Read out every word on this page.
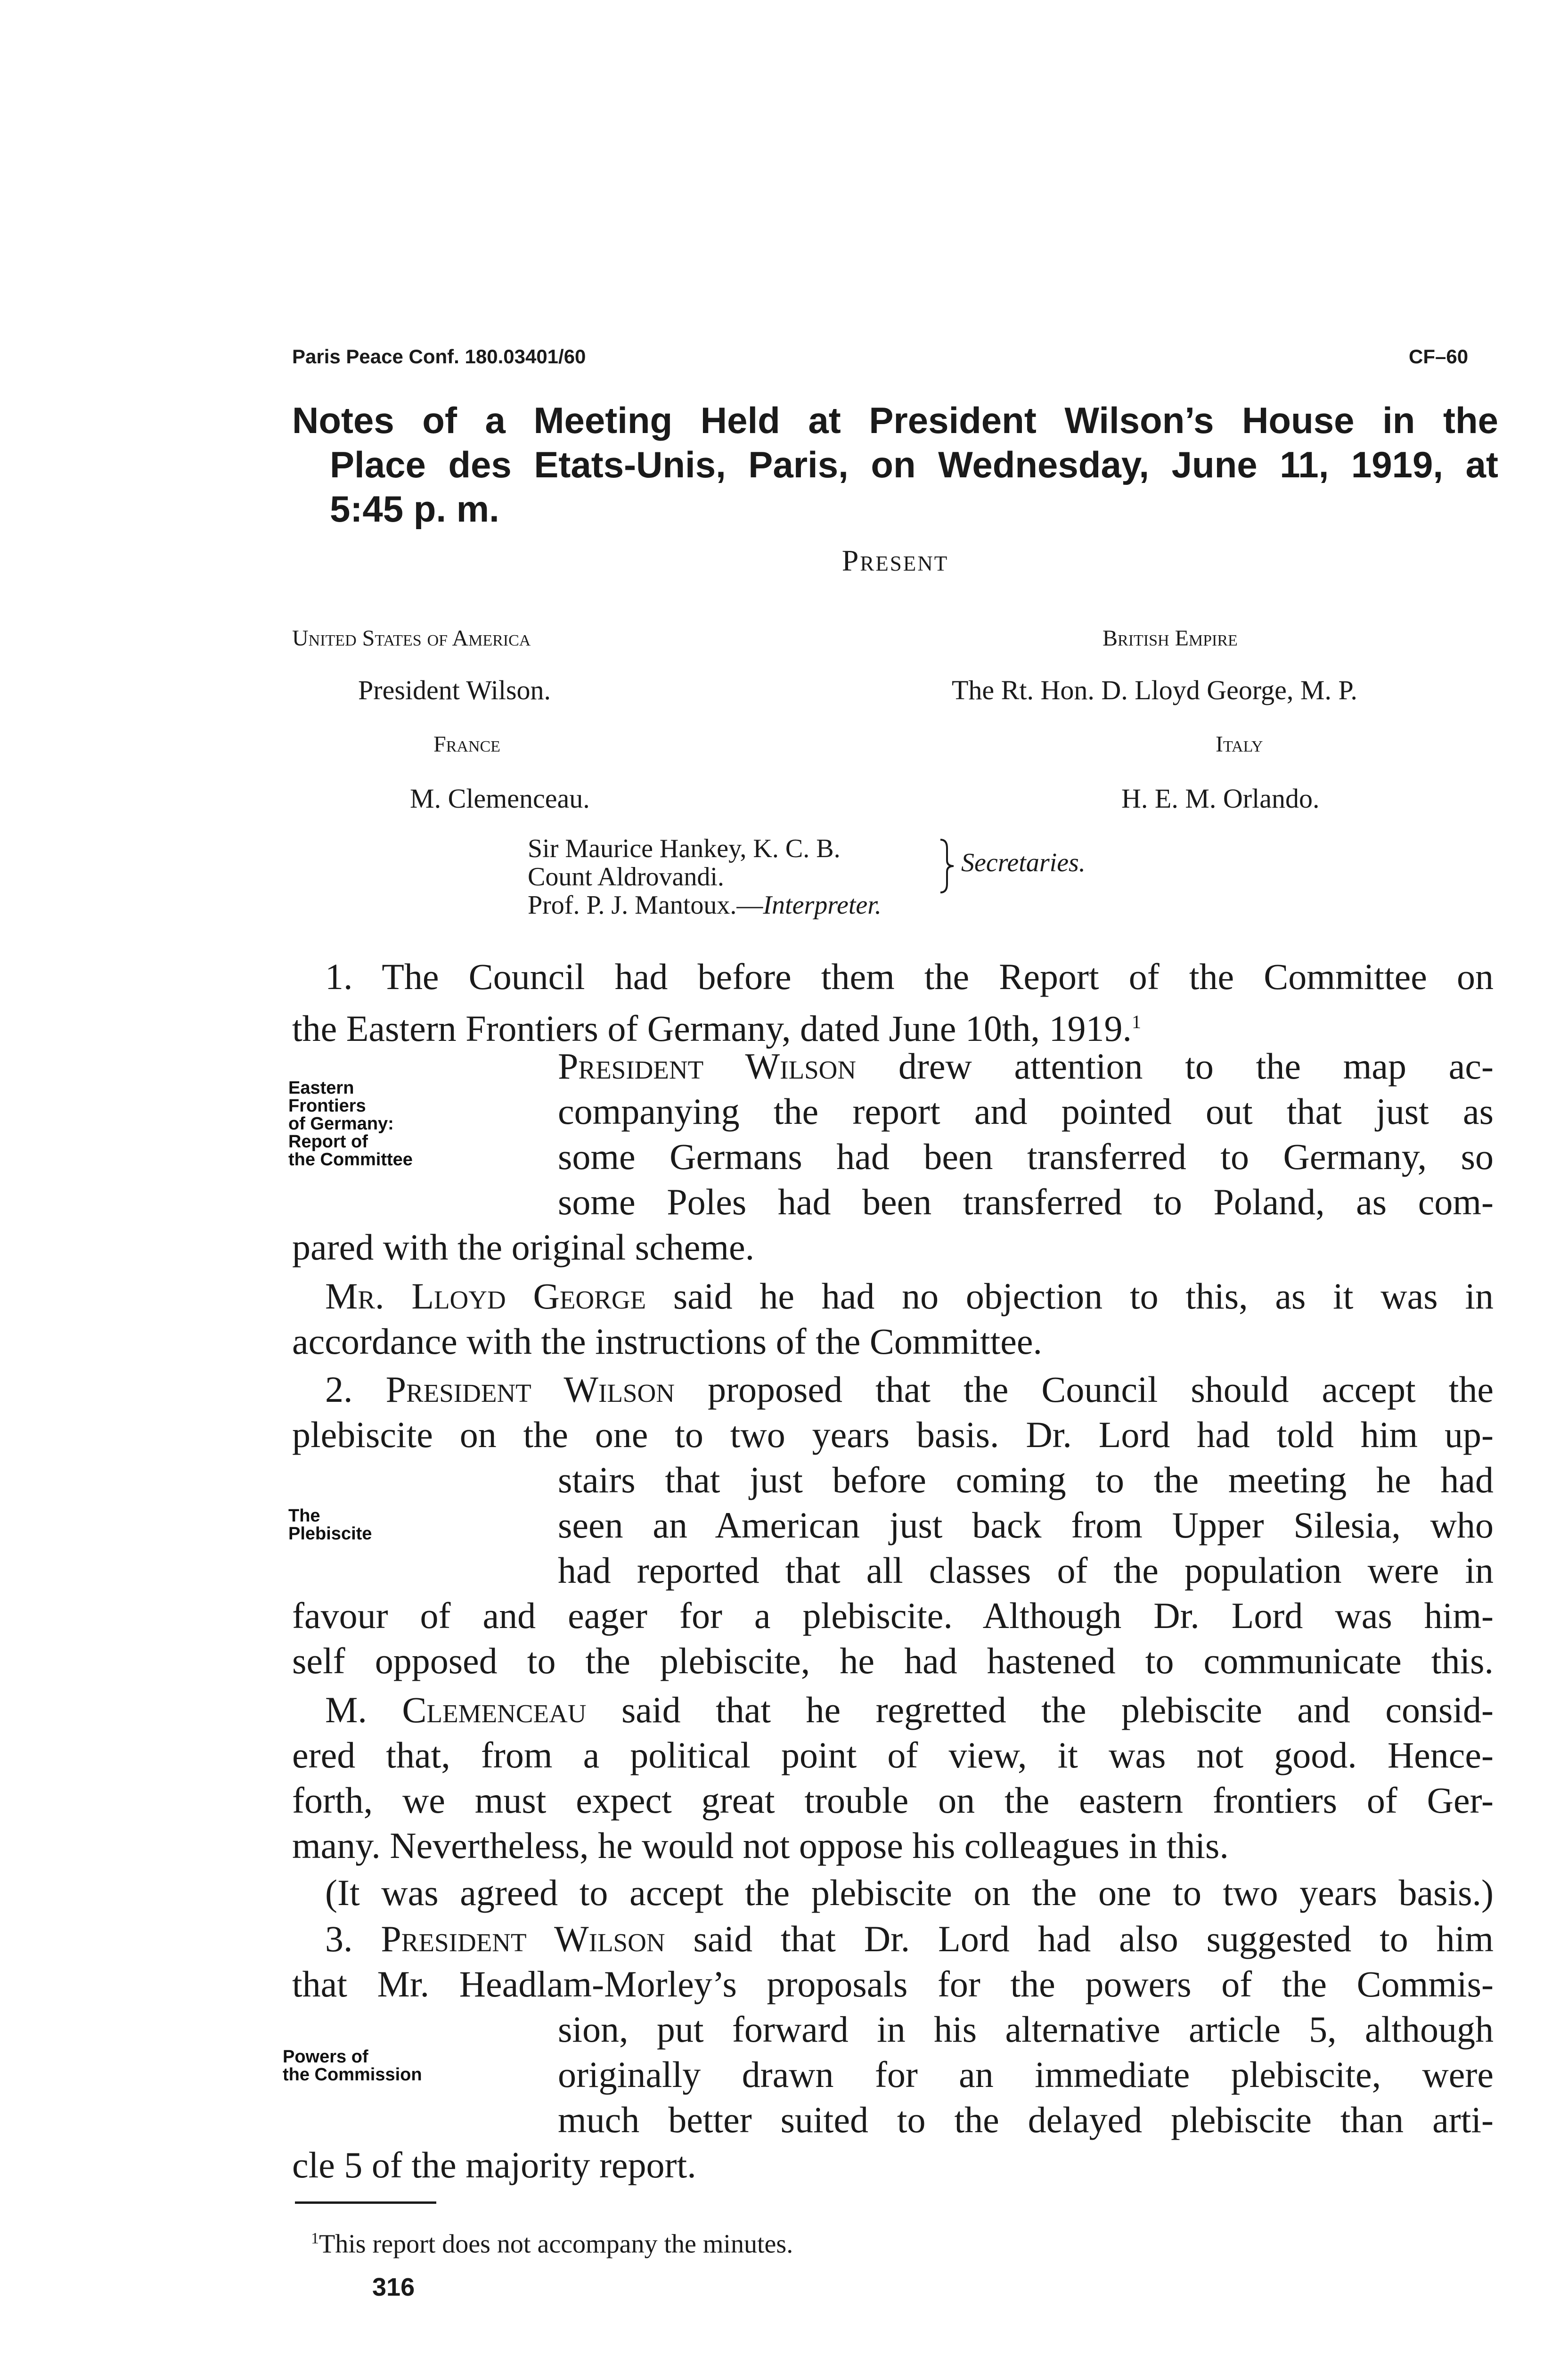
Paris Peace Conf. 180.03401/60	CF–60
Notes of a Meeting Held at President Wilson’s House in the
Place des Etats-Unis, Paris, on Wednesday, June 11, 1919, at
5:45 p. m.
Present
United States of America
President Wilson.
France
M. Clemenceau.
British Empire
The Rt. Hon. D. Lloyd George, M. P.
Italy
H. E. M. Orlando.
Sir Maurice Hankey, K. C. B.
Count Aldrovandi.	Secretaries.
Prof. P. J. Mantoux.—Interpreter.
1. The Council had before them the Report of the Committee on
the Eastern Frontiers of Germany, dated June 10th, 1919.$^1$
Eastern
Frontiers
of Germany:
Report of
the Committee
President Wilson drew attention to the map ac-
companying the report and pointed out that just as
some Germans had been transferred to Germany, so
some Poles had been transferred to Poland, as com-
pared with the original scheme.
Mr. Lloyd George said he had no objection to this, as it was in
accordance with the instructions of the Committee.
2. President Wilson proposed that the Council should accept the
plebiscite on the one to two years basis. Dr. Lord had told him up-
stairs that just before coming to the meeting he had
The
Plebiscite	seen an American just back from Upper Silesia, who
had reported that all classes of the population were in
favour of and eager for a plebiscite. Although Dr. Lord was him-
self opposed to the plebiscite, he had hastened to communicate this.
M. Clemenceau said that he regretted the plebiscite and consid-
ered that, from a political point of view, it was not good. Hence-
forth, we must expect great trouble on the eastern frontiers of Ger-
many. Nevertheless, he would not oppose his colleagues in this.
(It was agreed to accept the plebiscite on the one to two years basis.)
3. President Wilson said that Dr. Lord had also suggested to him
that Mr. Headlam-Morley’s proposals for the powers of the Commis-
sion, put forward in his alternative article 5, although
Powers of
the Commission	originally drawn for an immediate plebiscite, were
much better suited to the delayed plebiscite than arti-
cle 5 of the majority report.
$^1$This report does not accompany the minutes.
316
